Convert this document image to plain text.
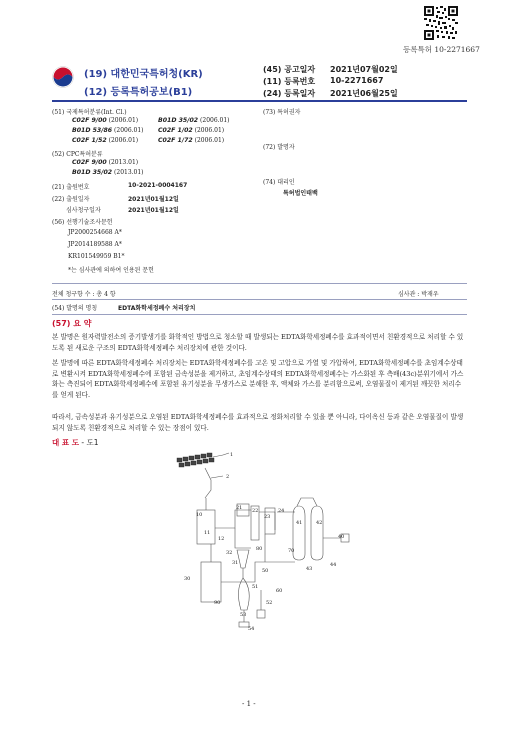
등록특허 10-2271667
(19) 대한민국특허청(KR)
(12) 등록특허공보(B1)
(45) 공고일자 2021년07월02일
(11) 등록번호 10-2271667
(24) 등록일자 2021년06월25일
(51) 국제특허분류(Int. Cl.)
C02F 9/00 (2006.01)	B01D 35/02 (2006.01)
B01D 53/86 (2006.01) C02F 1/02 (2006.01)
C02F 1/52 (2006.01)	C02F 1/72 (2006.01)
(52) CPC특허분류
C02F 9/00 (2013.01)
B01D 35/02 (2013.01)
(21) 출원번호	10-2021-0004167
(22) 출원일자	2021년01월12일
심사청구일자	2021년01월12일
(56) 선행기술조사문헌
JP2000254668 A*
JP2014189588 A*
KR101549959 B1*
*는 심사관에 의하여 인용된 문헌
(73) 특허권자
(72) 발명자
(74) 대리인
특허법인태백
전체 청구항 수 : 총 4 항	심사관 : 박재우
(54) 발명의 명칭	EDTA화학세정폐수 처리장치
(57) 요 약
본 발명은 원자력발전소의 증기발생기를 화학적인 방법으로 청소할 때 발생되는 EDTA화학세정폐수를 효과적이면서 친환경적으로 처리할 수 있도록 된 새로운 구조의 EDTA화학세정폐수 처리장치에 관한 것이다.
본 발명에 따른 EDTA화학세정폐수 처리장치는 EDTA화학세정폐수를 고온 및 고압으로 가열 및 가압하여, EDTA화학세정폐수를 초임계수상태로 변환시켜 EDTA화학세정폐수에 포함된 금속성분을 제거하고, 초임계수상태의 EDTA화학세정폐수는 가스화된 후 측배(43c)분위기에서 가스화는 측진되어 EDTA화학세정폐수에 포함된 유기성분을 무생가스로 분해한 후, 액체와 가스를 분리함으로써, 오염물질이 제거된 깨끗한 처리수를 얻게 된다.
따라서, 금속성분과 유기성분으로 오염된 EDTA화학세정폐수를 효과적으로 정화처리할 수 있을 뿐 아니라, 다이옥신 등과 같은 오염물질이 발생되지 않도록 친환경적으로 처리할 수 있는 장점이 있다.
대 표 도 - 도1
1
2
10
11
12
21 22
23
24
30
31
32
40
41	42
43
44
50
51
52
53
54
60
70
80
90
- 1 -
